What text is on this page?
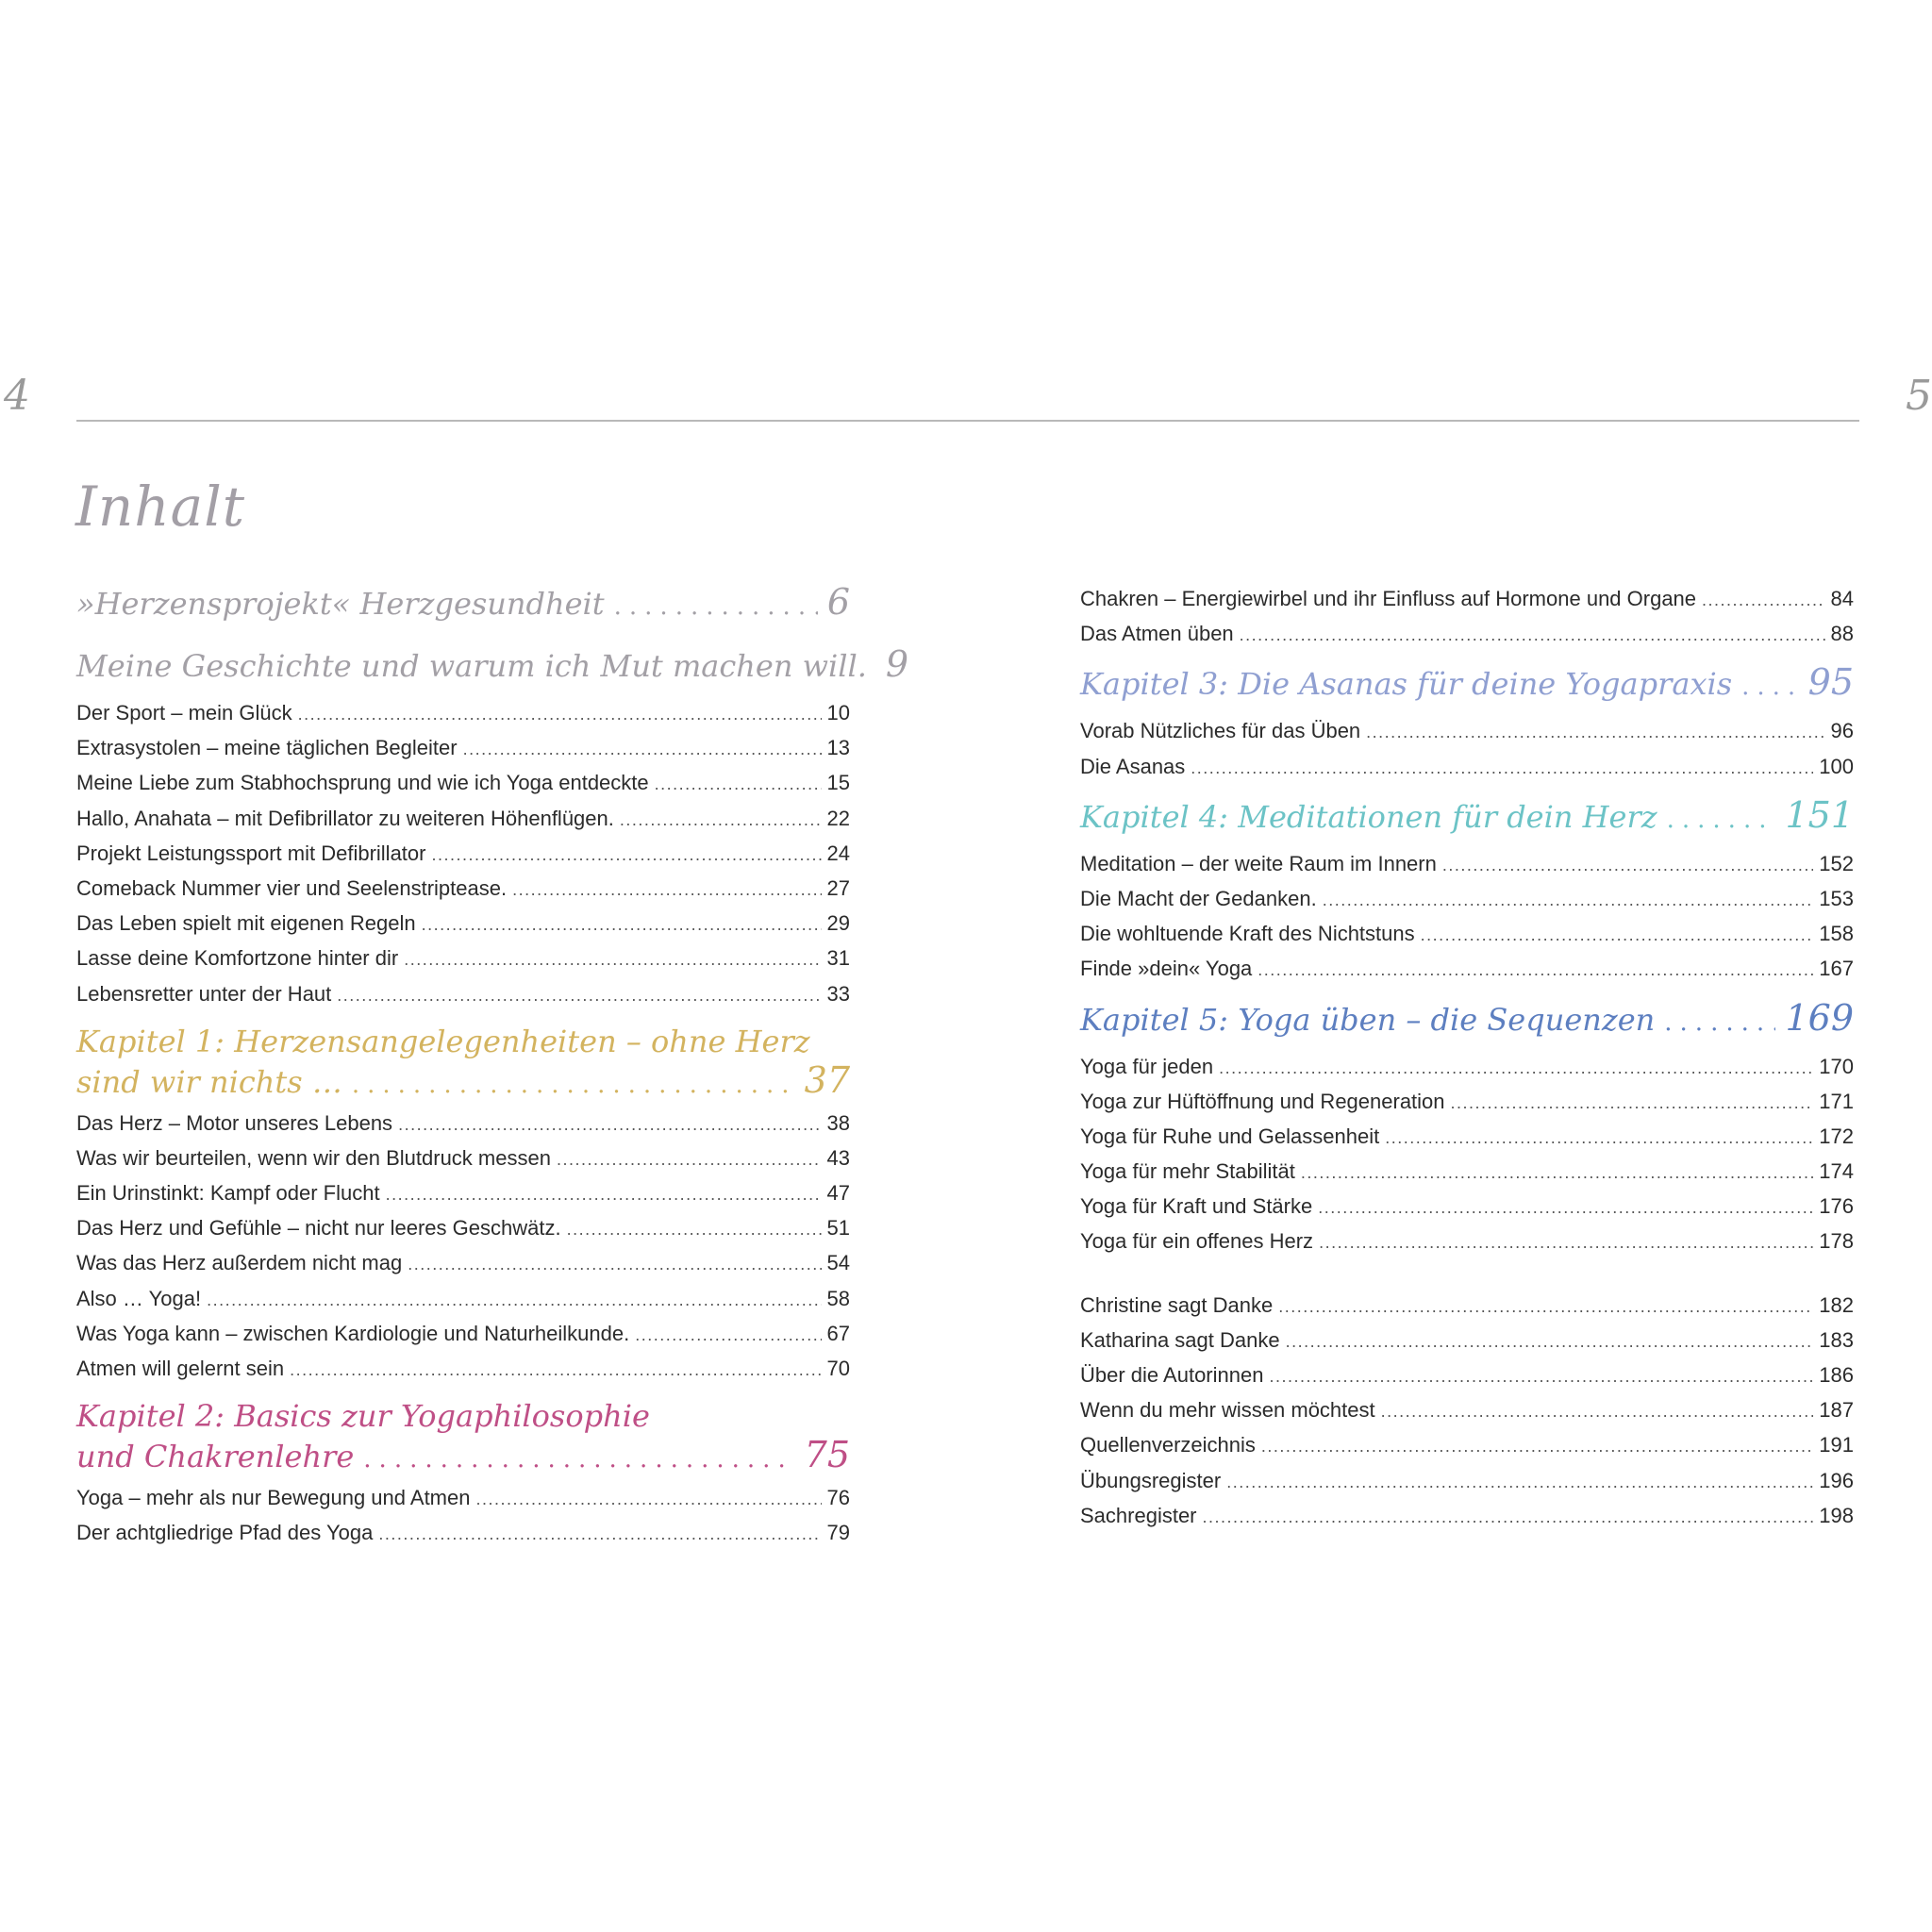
4	5
Inhalt
»Herzensprojekt« Herzgesundheit .....	6
Meine Geschichte und warum ich Mut machen will. 9
Der Sport – mein Glück .....	10
Extrasystolen – meine täglichen Begleiter .....	13
Meine Liebe zum Stabhochsprung und wie ich Yoga entdeckte .....	15
Hallo, Anahata – mit Defibrillator zu weiteren Höhenflügen. .....	22
Projekt Leistungssport mit Defibrillator .....	24
Comeback Nummer vier und Seelenstriptease. .....	27
Das Leben spielt mit eigenen Regeln .....	29
Lasse deine Komfortzone hinter dir .....	31
Lebensretter unter der Haut .....	33
Kapitel 1: Herzensangelegenheiten – ohne Herz
sind wir nichts … .....	37
Das Herz – Motor unseres Lebens .....	38
Was wir beurteilen, wenn wir den Blutdruck messen .....	43
Ein Urinstinkt: Kampf oder Flucht .....	47
Das Herz und Gefühle – nicht nur leeres Geschwätz. .....	51
Was das Herz außerdem nicht mag .....	54
Also … Yoga! .....	58
Was Yoga kann – zwischen Kardiologie und Naturheilkunde. .....	67
Atmen will gelernt sein .....	70
Kapitel 2: Basics zur Yogaphilosophie
und Chakrenlehre .....	75
Yoga – mehr als nur Bewegung und Atmen .....	76
Der achtgliedrige Pfad des Yoga .....	79
Chakren – Energiewirbel und ihr Einfluss auf Hormone und Organe .....	84
Das Atmen üben .....	88
Kapitel 3: Die Asanas für deine Yogapraxis ..... 95
Vorab Nützliches für das Üben .....	96
Die Asanas .....	100
Kapitel 4: Meditationen für dein Herz .....	151
Meditation – der weite Raum im Innern .....	152
Die Macht der Gedanken. .....	153
Die wohltuende Kraft des Nichtstuns .....	158
Finde »dein« Yoga .....	167
Kapitel 5: Yoga üben – die Sequenzen .....	169
Yoga für jeden .....	170
Yoga zur Hüftöffnung und Regeneration .....	171
Yoga für Ruhe und Gelassenheit .....	172
Yoga für mehr Stabilität .....	174
Yoga für Kraft und Stärke .....	176
Yoga für ein offenes Herz .....	178
Christine sagt Danke .....	182
Katharina sagt Danke .....	183
Über die Autorinnen .....	186
Wenn du mehr wissen möchtest .....	187
Quellenverzeichnis .....	191
Übungsregister .....	196
Sachregister .....	198
